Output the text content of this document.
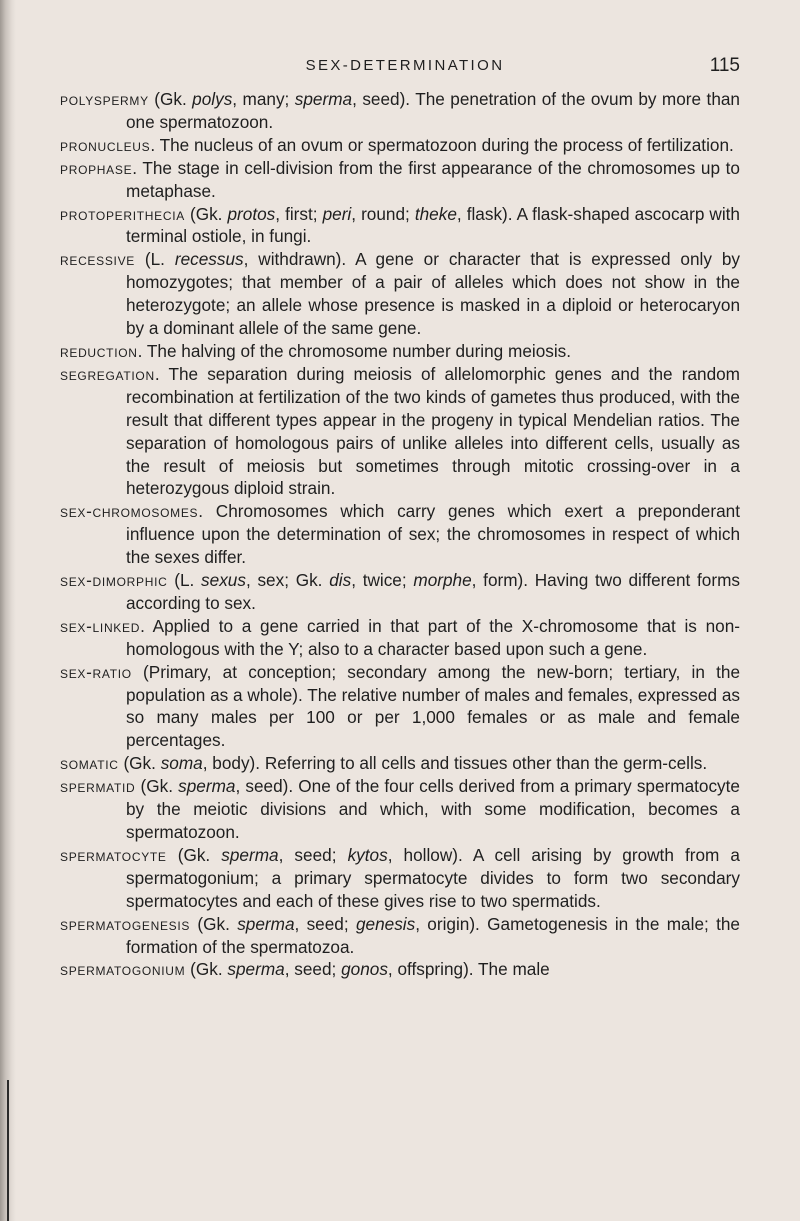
SEX-DETERMINATION	115

polyspermy (Gk. polys, many; sperma, seed). The penetration of the ovum by more than one spermatozoon.

pronucleus. The nucleus of an ovum or spermatozoon during the process of fertilization.

prophase. The stage in cell-division from the first appearance of the chromosomes up to metaphase.

protoperithecia (Gk. protos, first; peri, round; theke, flask). A flask-shaped ascocarp with terminal ostiole, in fungi.

recessive (L. recessus, withdrawn). A gene or character that is expressed only by homozygotes; that member of a pair of alleles which does not show in the heterozygote; an allele whose presence is masked in a diploid or heterocaryon by a dominant allele of the same gene.

reduction. The halving of the chromosome number during meiosis.

segregation. The separation during meiosis of allelomorphic genes and the random recombination at fertilization of the two kinds of gametes thus produced, with the result that different types appear in the progeny in typical Mendelian ratios. The separation of homologous pairs of unlike alleles into different cells, usually as the result of meiosis but sometimes through mitotic crossing-over in a heterozygous diploid strain.

sex-chromosomes. Chromosomes which carry genes which exert a preponderant influence upon the determination of sex; the chromosomes in respect of which the sexes differ.

sex-dimorphic (L. sexus, sex; Gk. dis, twice; morphe, form). Having two different forms according to sex.

sex-linked. Applied to a gene carried in that part of the X-chromosome that is non-homologous with the Y; also to a character based upon such a gene.

sex-ratio (Primary, at conception; secondary among the new-born; tertiary, in the population as a whole). The relative number of males and females, expressed as so many males per 100 or per 1,000 females or as male and female percentages.

somatic (Gk. soma, body). Referring to all cells and tissues other than the germ-cells.

spermatid (Gk. sperma, seed). One of the four cells derived from a primary spermatocyte by the meiotic divisions and which, with some modification, becomes a spermatozoon.

spermatocyte (Gk. sperma, seed; kytos, hollow). A cell arising by growth from a spermatogonium; a primary spermatocyte divides to form two secondary spermatocytes and each of these gives rise to two spermatids.

spermatogenesis (Gk. sperma, seed; genesis, origin). Gametogenesis in the male; the formation of the spermatozoa.

spermatogonium (Gk. sperma, seed; gonos, offspring). The male
